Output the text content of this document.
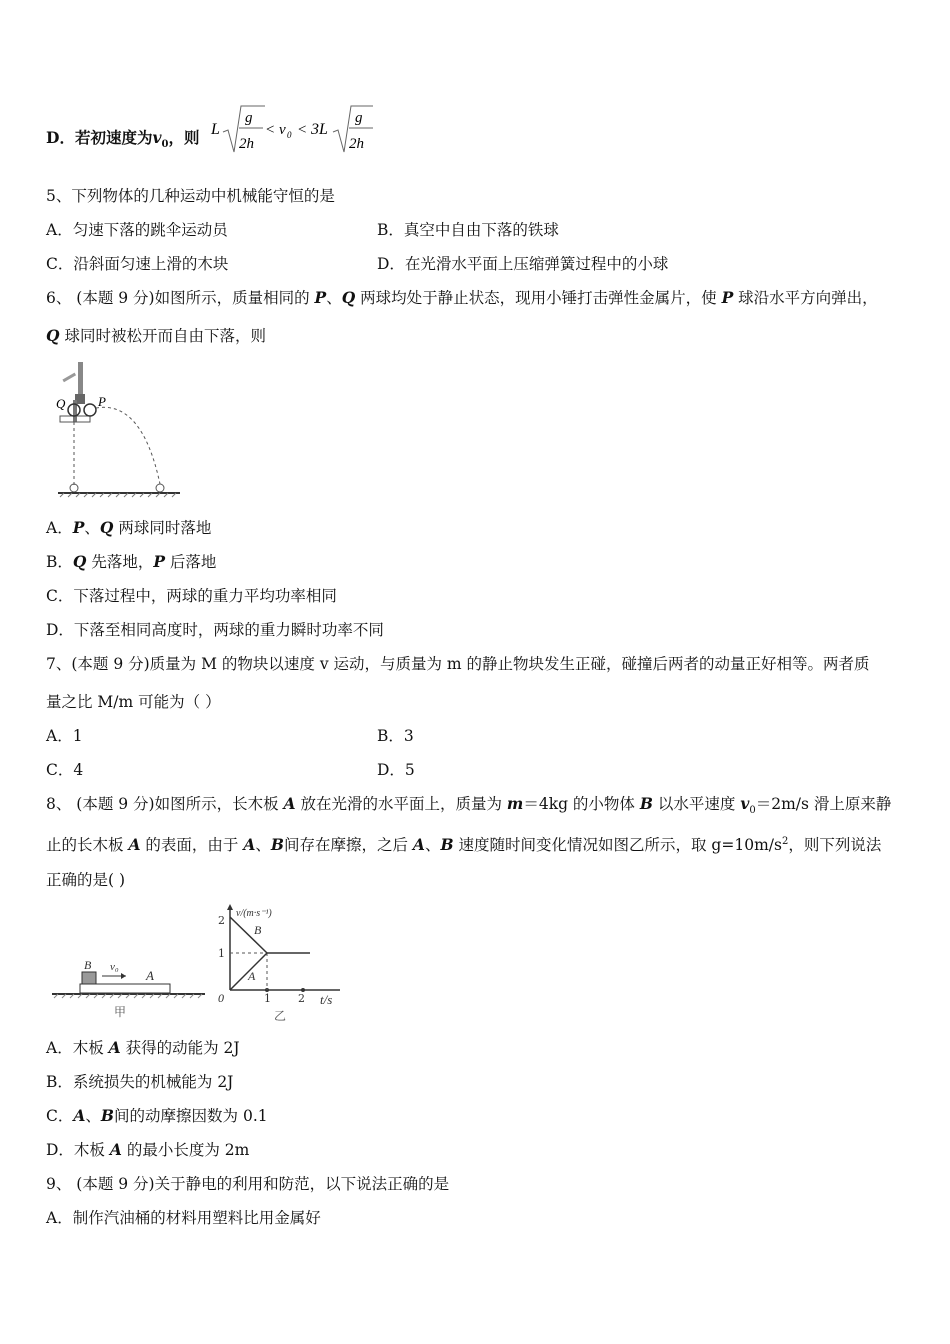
D．若初速度为$v_0$，则 L
g
2h
< v 0 < 3L
g
2h
5、下列物体的几种运动中机械能守恒的是
A．匀速下落的跳伞运动员	B．真空中自由下落的铁球
C．沿斜面匀速上滑的木块	D．在光滑水平面上压缩弹簧过程中的小球
6、 (本题 9 分)如图所示，质量相同的 P、Q 两球均处于静止状态，现用小锤打击弹性金属片，使 P 球沿水平方向弹出，
Q 球同时被松开而自由下落，则
Q	P
A．P、Q 两球同时落地
B．Q 先落地，P 后落地
C．下落过程中，两球的重力平均功率相同
D．下落至相同高度时，两球的重力瞬时功率不同
7、(本题 9 分)质量为 M 的物块以速度 v 运动，与质量为 m 的静止物块发生正碰，碰撞后两者的动量正好相等。两者质
量之比 M/m 可能为（ ）
A．1	B．3
C．4	D．5
8、 (本题 9 分)如图所示，长木板 A 放在光滑的水平面上，质量为 m＝4kg 的小物体 B 以水平速度 $v_0=2m/s$ 滑上原来静
止的长木板 A 的表面，由于 A、B间存在摩擦，之后 A、B 速度随时间变化情况如图乙所示，取 $g=10m/s^2$，则下列说法
正确的是( )
B v₀
A
甲
v/(m·s⁻¹)
2
1
0	1 2 t/s
B
A
乙
A．木板 A 获得的动能为 2J
B．系统损失的机械能为 2J
C．A、B间的动摩擦因数为 0.1
D．木板 A 的最小长度为 2m
9、 (本题 9 分)关于静电的利用和防范，以下说法正确的是
A．制作汽油桶的材料用塑料比用金属好
